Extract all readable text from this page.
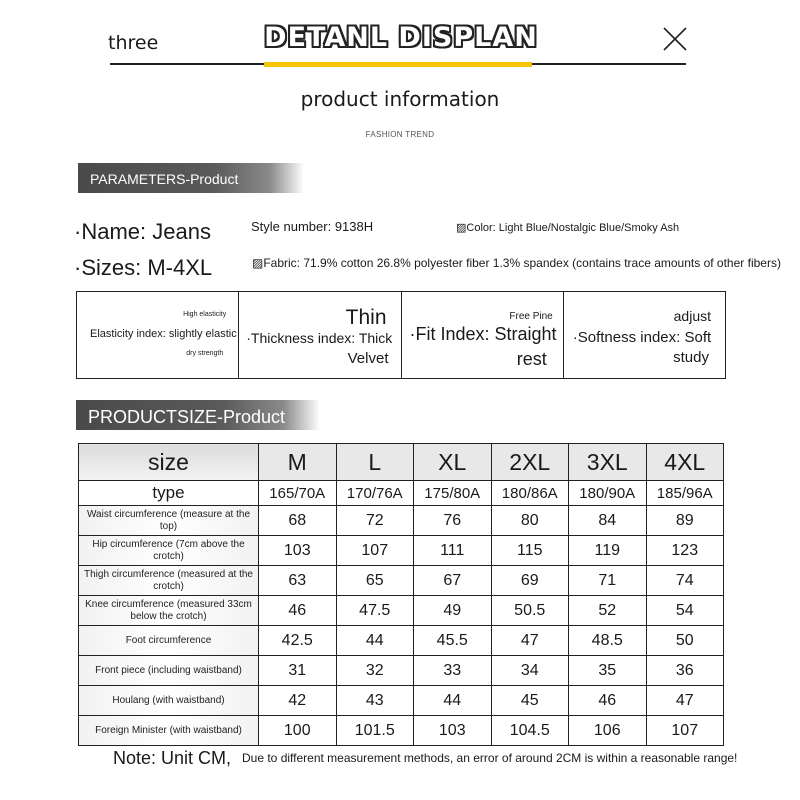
three	DETANL DISPLAN
product information
FASHION TREND
PARAMETERS-Product parameters
·Name: Jeans
·Sizes: M-4XL
Style number: 9138H	▨Color: Light Blue/Nostalgic Blue/Smoky Ash
▨Fabric: 71.9% cotton 26.8% polyester fiber 1.3% spandex (contains trace amounts of other fibers)
High elasticity
Elasticity index: slightly elastic
dry strength
Thin
·Thickness index: Thick
Velvet
Free Pine
·Fit Index: Straight
rest
adjust
·Softness index: Soft
study
PRODUCTSIZE-Product
size	M	L	XL	2XL	3XL	4XL
type	165/70A	170/76A	175/80A	180/86A	180/90A	185/96A
Waist circumference (measure at the top)	68	72	76	80	84	89
Hip circumference (7cm above the crotch)	103	107	111	115	119	123
Thigh circumference (measured at the crotch)	63	65	67	69	71	74
Knee circumference (measured 33cm below the crotch)	46	47.5	49	50.5	52	54
Foot circumference	42.5	44	45.5	47	48.5	50
Front piece (including waistband)	31	32	33	34	35	36
Houlang (with waistband)	42	43	44	45	46	47
Foreign Minister (with waistband)	100	101.5	103	104.5	106	107
Note: Unit CM, Due to different measurement methods, an error of around 2CM is within a reasonable range!
